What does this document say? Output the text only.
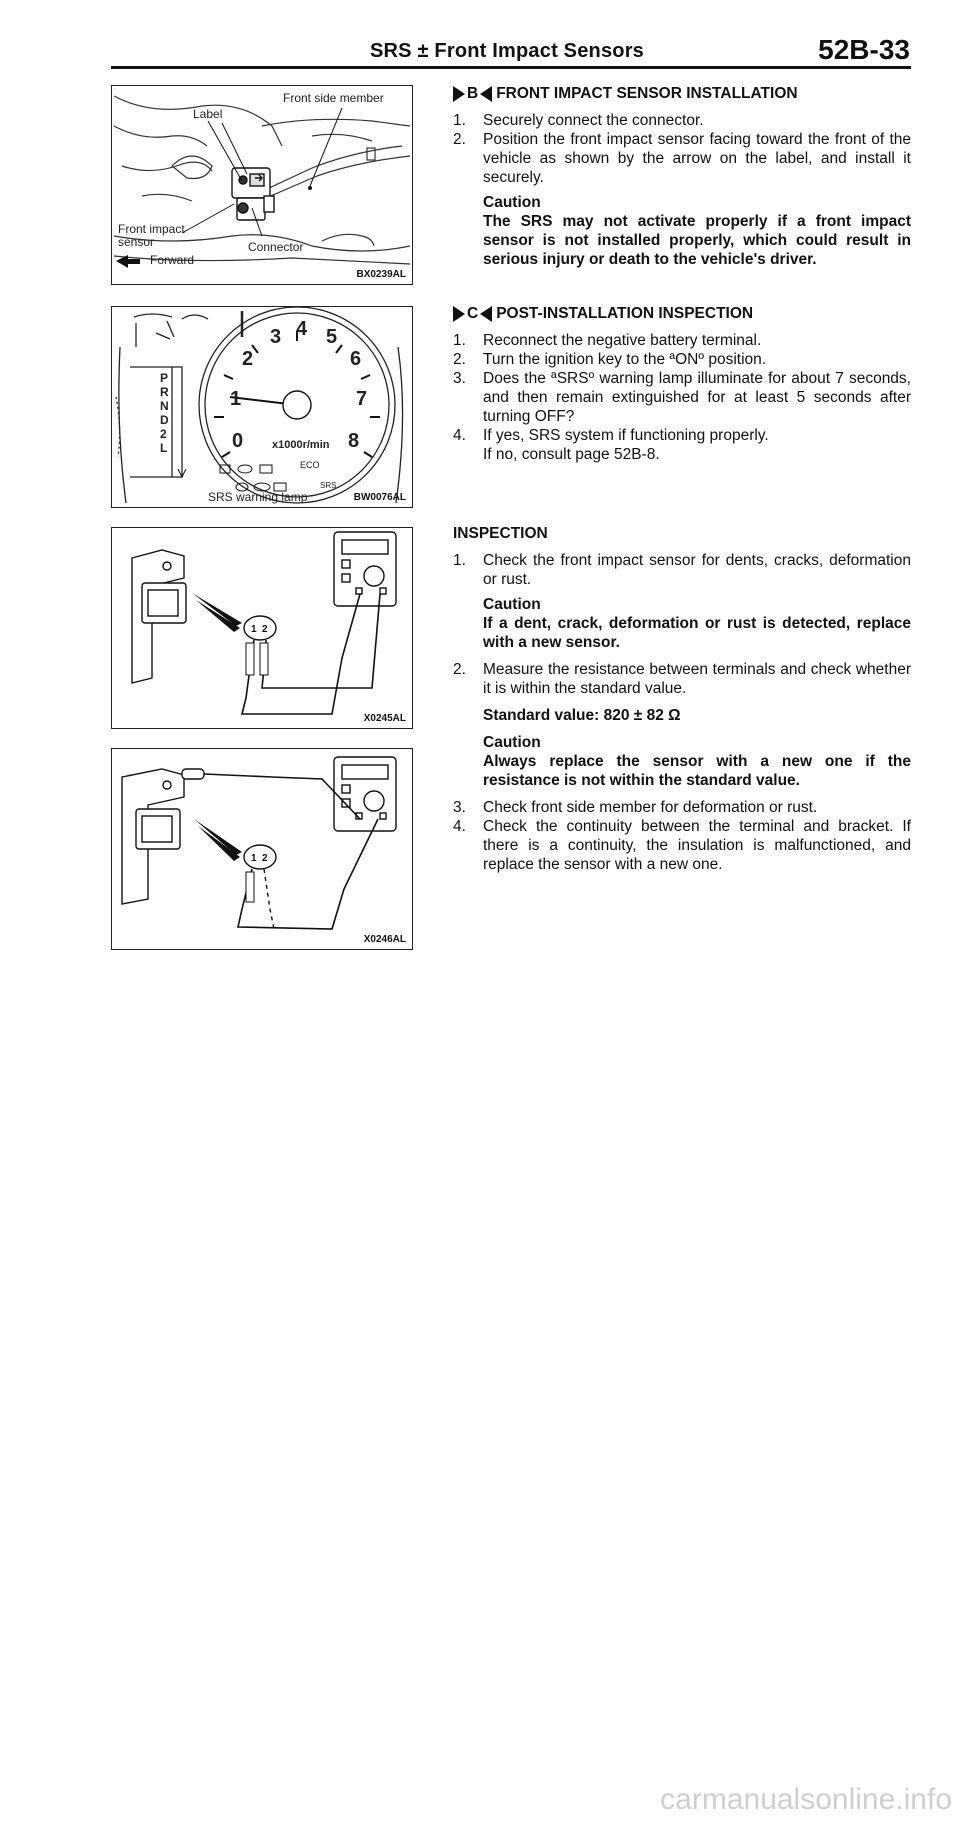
SRS ± Front Impact Sensors	52B-33
Front side member
Label
Front impact
sensor	Connector
Forward
BX0239AL
P
R
N
D
2
L	0
1
2
3 4 5
6
7
8
x1000r/min
ECO
SRS
SRS warning lamp	BW0076AL
1 2
X0245AL
1 2
X0246AL
B FRONT IMPACT SENSOR INSTALLATION
1. Securely connect the connector.
2. Position the front impact sensor facing toward the front of the vehicle as shown by the arrow on the label, and install it securely.
Caution
The SRS may not activate properly if a front impact sensor is not installed properly, which could result in serious injury or death to the vehicle's driver.
C POST-INSTALLATION INSPECTION
1. Reconnect the negative battery terminal.
2. Turn the ignition key to the ªONº position.
3. Does the ªSRSº warning lamp illuminate for about 7 seconds, and then remain extinguished for at least 5 seconds after turning OFF?
4. If yes, SRS system if functioning properly.
If no, consult page 52B-8.
INSPECTION
1. Check the front impact sensor for dents, cracks, deformation or rust.
Caution
If a dent, crack, deformation or rust is detected, replace with a new sensor.
2. Measure the resistance between terminals and check whether it is within the standard value.
Standard value: 820 ± 82 Ω
Caution
Always replace the sensor with a new one if the resistance is not within the standard value.
3. Check front side member for deformation or rust.
4. Check the continuity between the terminal and bracket. If there is a continuity, the insulation is malfunctioned, and replace the sensor with a new one.
carmanualsonline.info
